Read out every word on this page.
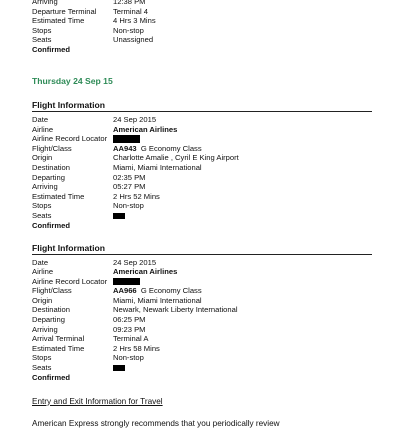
Arriving	12:38 PM
Departure Terminal Terminal 4
Estimated Time	4 Hrs 3 Mins
Stops	Non-stop
Seats	Unassigned
Confirmed
Thursday 24 Sep 15
Flight Information
Date	24 Sep 2015
Airline	American Airlines
Airline Record Locator
Flight/Class	AA943 G Economy Class
Origin	Charlotte Amalie , Cyril E King Airport
Destination	Miami, Miami International
Departing	02:35 PM
Arriving	05:27 PM
Estimated Time	2 Hrs 52 Mins
Stops	Non-stop
Seats
Confirmed
Flight Information
Date	24 Sep 2015
Airline	American Airlines
Airline Record Locator
Flight/Class	AA966 G Economy Class
Origin	Miami, Miami International
Destination	Newark, Newark Liberty International
Departing	06:25 PM
Arriving	09:23 PM
Arrival Terminal	Terminal A
Estimated Time	2 Hrs 58 Mins
Stops	Non-stop
Seats
Confirmed
Entry and Exit Information for Travel
American Express strongly recommends that you periodically review
